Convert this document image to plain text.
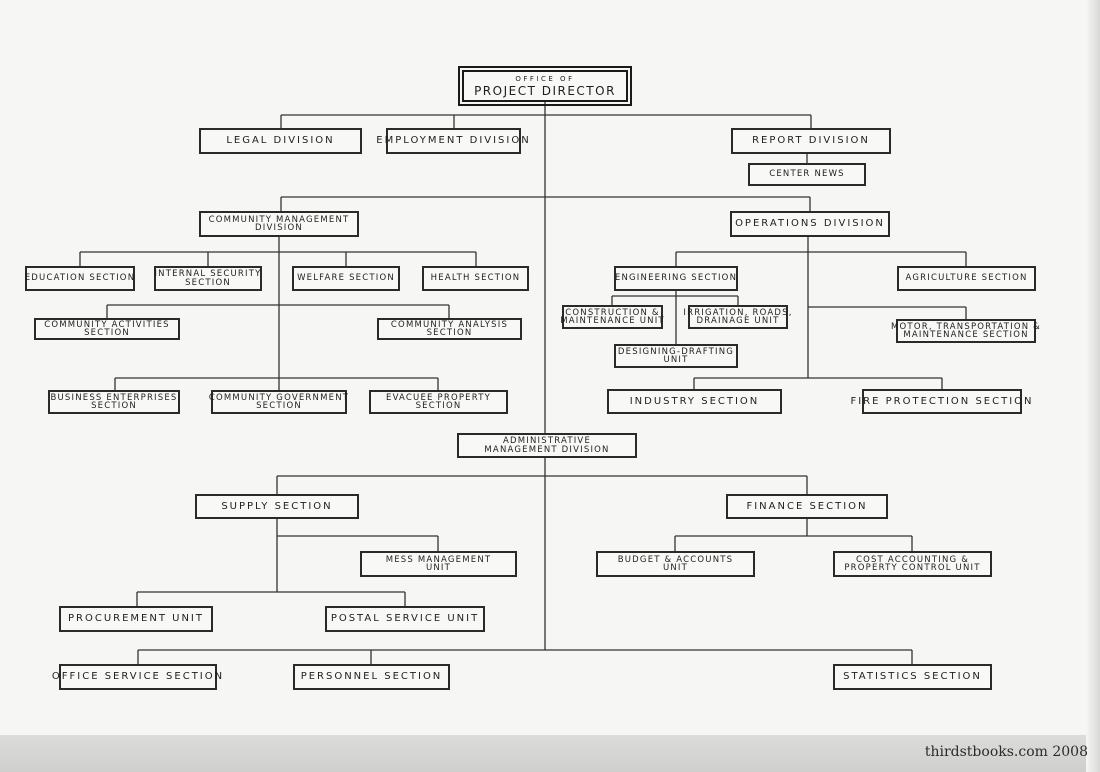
OFFICE OF
PROJECT DIRECTOR
LEGAL DIVISION	EMPLOYMENT DIVISION	REPORT DIVISION
CENTER NEWS
COMMUNITY MANAGEMENT
DIVISION	OPERATIONS DIVISION
EDUCATION SECTION INTERNAL SECURITY
SECTION	WELFARE SECTION	HEALTH SECTION
COMMUNITY ACTIVITIES
SECTION
COMMUNITY ANALYSIS
SECTION
BUSINESS ENTERPRISES
SECTION
COMMUNITY GOVERNMENT
SECTION
EVACUEE PROPERTY
SECTION
ENGINEERING SECTION	AGRICULTURE SECTION
CONSTRUCTION &
MAINTENANCE UNIT
IRRIGATION, ROADS,
DRAINAGE UNIT
MOTOR, TRANSPORTATION &
MAINTENANCE SECTION
DESIGNING-DRAFTING
UNIT
INDUSTRY SECTION	FIRE PROTECTION SECTION
ADMINISTRATIVE
MANAGEMENT DIVISION
SUPPLY SECTION	FINANCE SECTION
MESS MANAGEMENT
UNIT
BUDGET & ACCOUNTS
UNIT
COST ACCOUNTING &
PROPERTY CONTROL UNIT
PROCUREMENT UNIT	POSTAL SERVICE UNIT
OFFICE SERVICE SECTION	PERSONNEL SECTION	STATISTICS SECTION
thirdstbooks.com 2008
